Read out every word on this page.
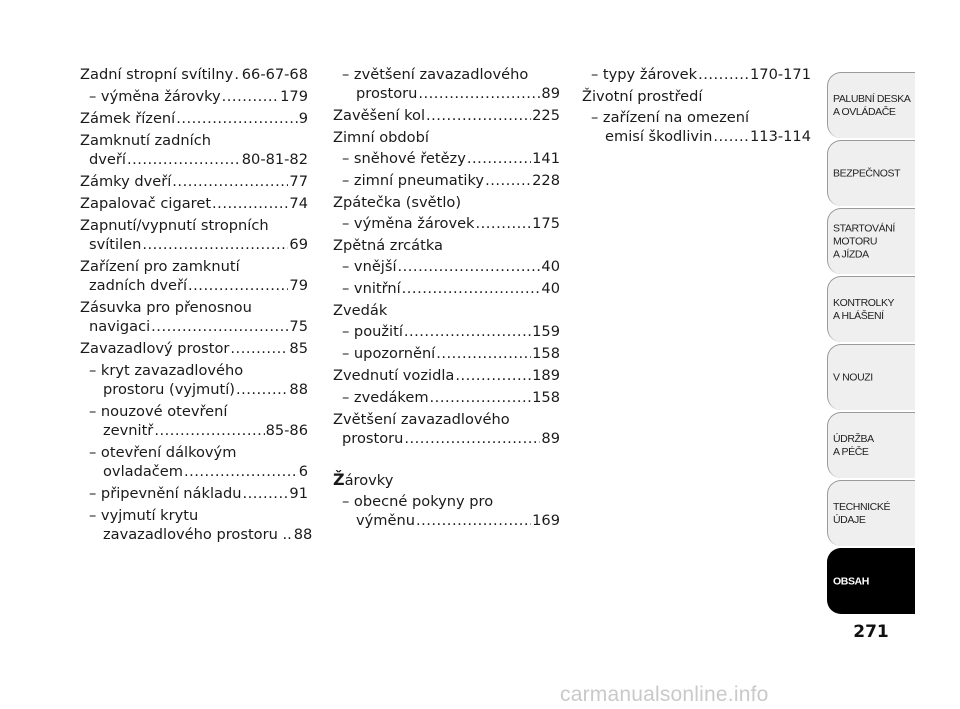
Zadní stropní svítilny ..... 66-67-68
– výměna žárovky .....	179
Zámek řízení .....	9
Zamknutí zadních
dveří .....	80-81-82
Zámky dveří .....	77
Zapalovač cigaret .....	74
Zapnutí/vypnutí stropních
svítilen .....	69
Zařízení pro zamknutí
zadních dveří .....	79
Zásuvka pro přenosnou
navigaci .....	75
Zavazadlový prostor .....	85
– kryt zavazadlového
prostoru (vyjmutí) .....	88
– nouzové otevření
zevnitř .....	85-86
– otevření dálkovým
ovladačem .....	6
– připevnění nákladu .....	91
– vyjmutí krytu
zavazadlového prostoru .. 88
– zvětšení zavazadlového
prostoru .....	89
Zavěšení kol .....	225
Zimní období
– sněhové řetězy .....	141
– zimní pneumatiky .....	228
Zpátečka (světlo)
– výměna žárovek .....	175
Zpětná zrcátka
– vnější .....	40
– vnitřní .....	40
Zvedák
– použití .....	159
– upozornění .....	158
Zvednutí vozidla .....	189
– zvedákem .....	158
Zvětšení zavazadlového
prostoru .....	89
Žárovky
– obecné pokyny pro
výměnu .....	169
– typy žárovek .....	170-171
Životní prostředí
– zařízení na omezení
emisí škodlivin .....	113-114
PALUBNÍ DESKA
A OVLÁDAČE
BEZPEČNOST
STARTOVÁNÍ
MOTORU
A JÍZDA
KONTROLKY
A HLÁŠENÍ
V NOUZI
ÚDRŽBA
A PÉČE
TECHNICKÉ
ÚDAJE
OBSAH
271
carmanualsonline.info
